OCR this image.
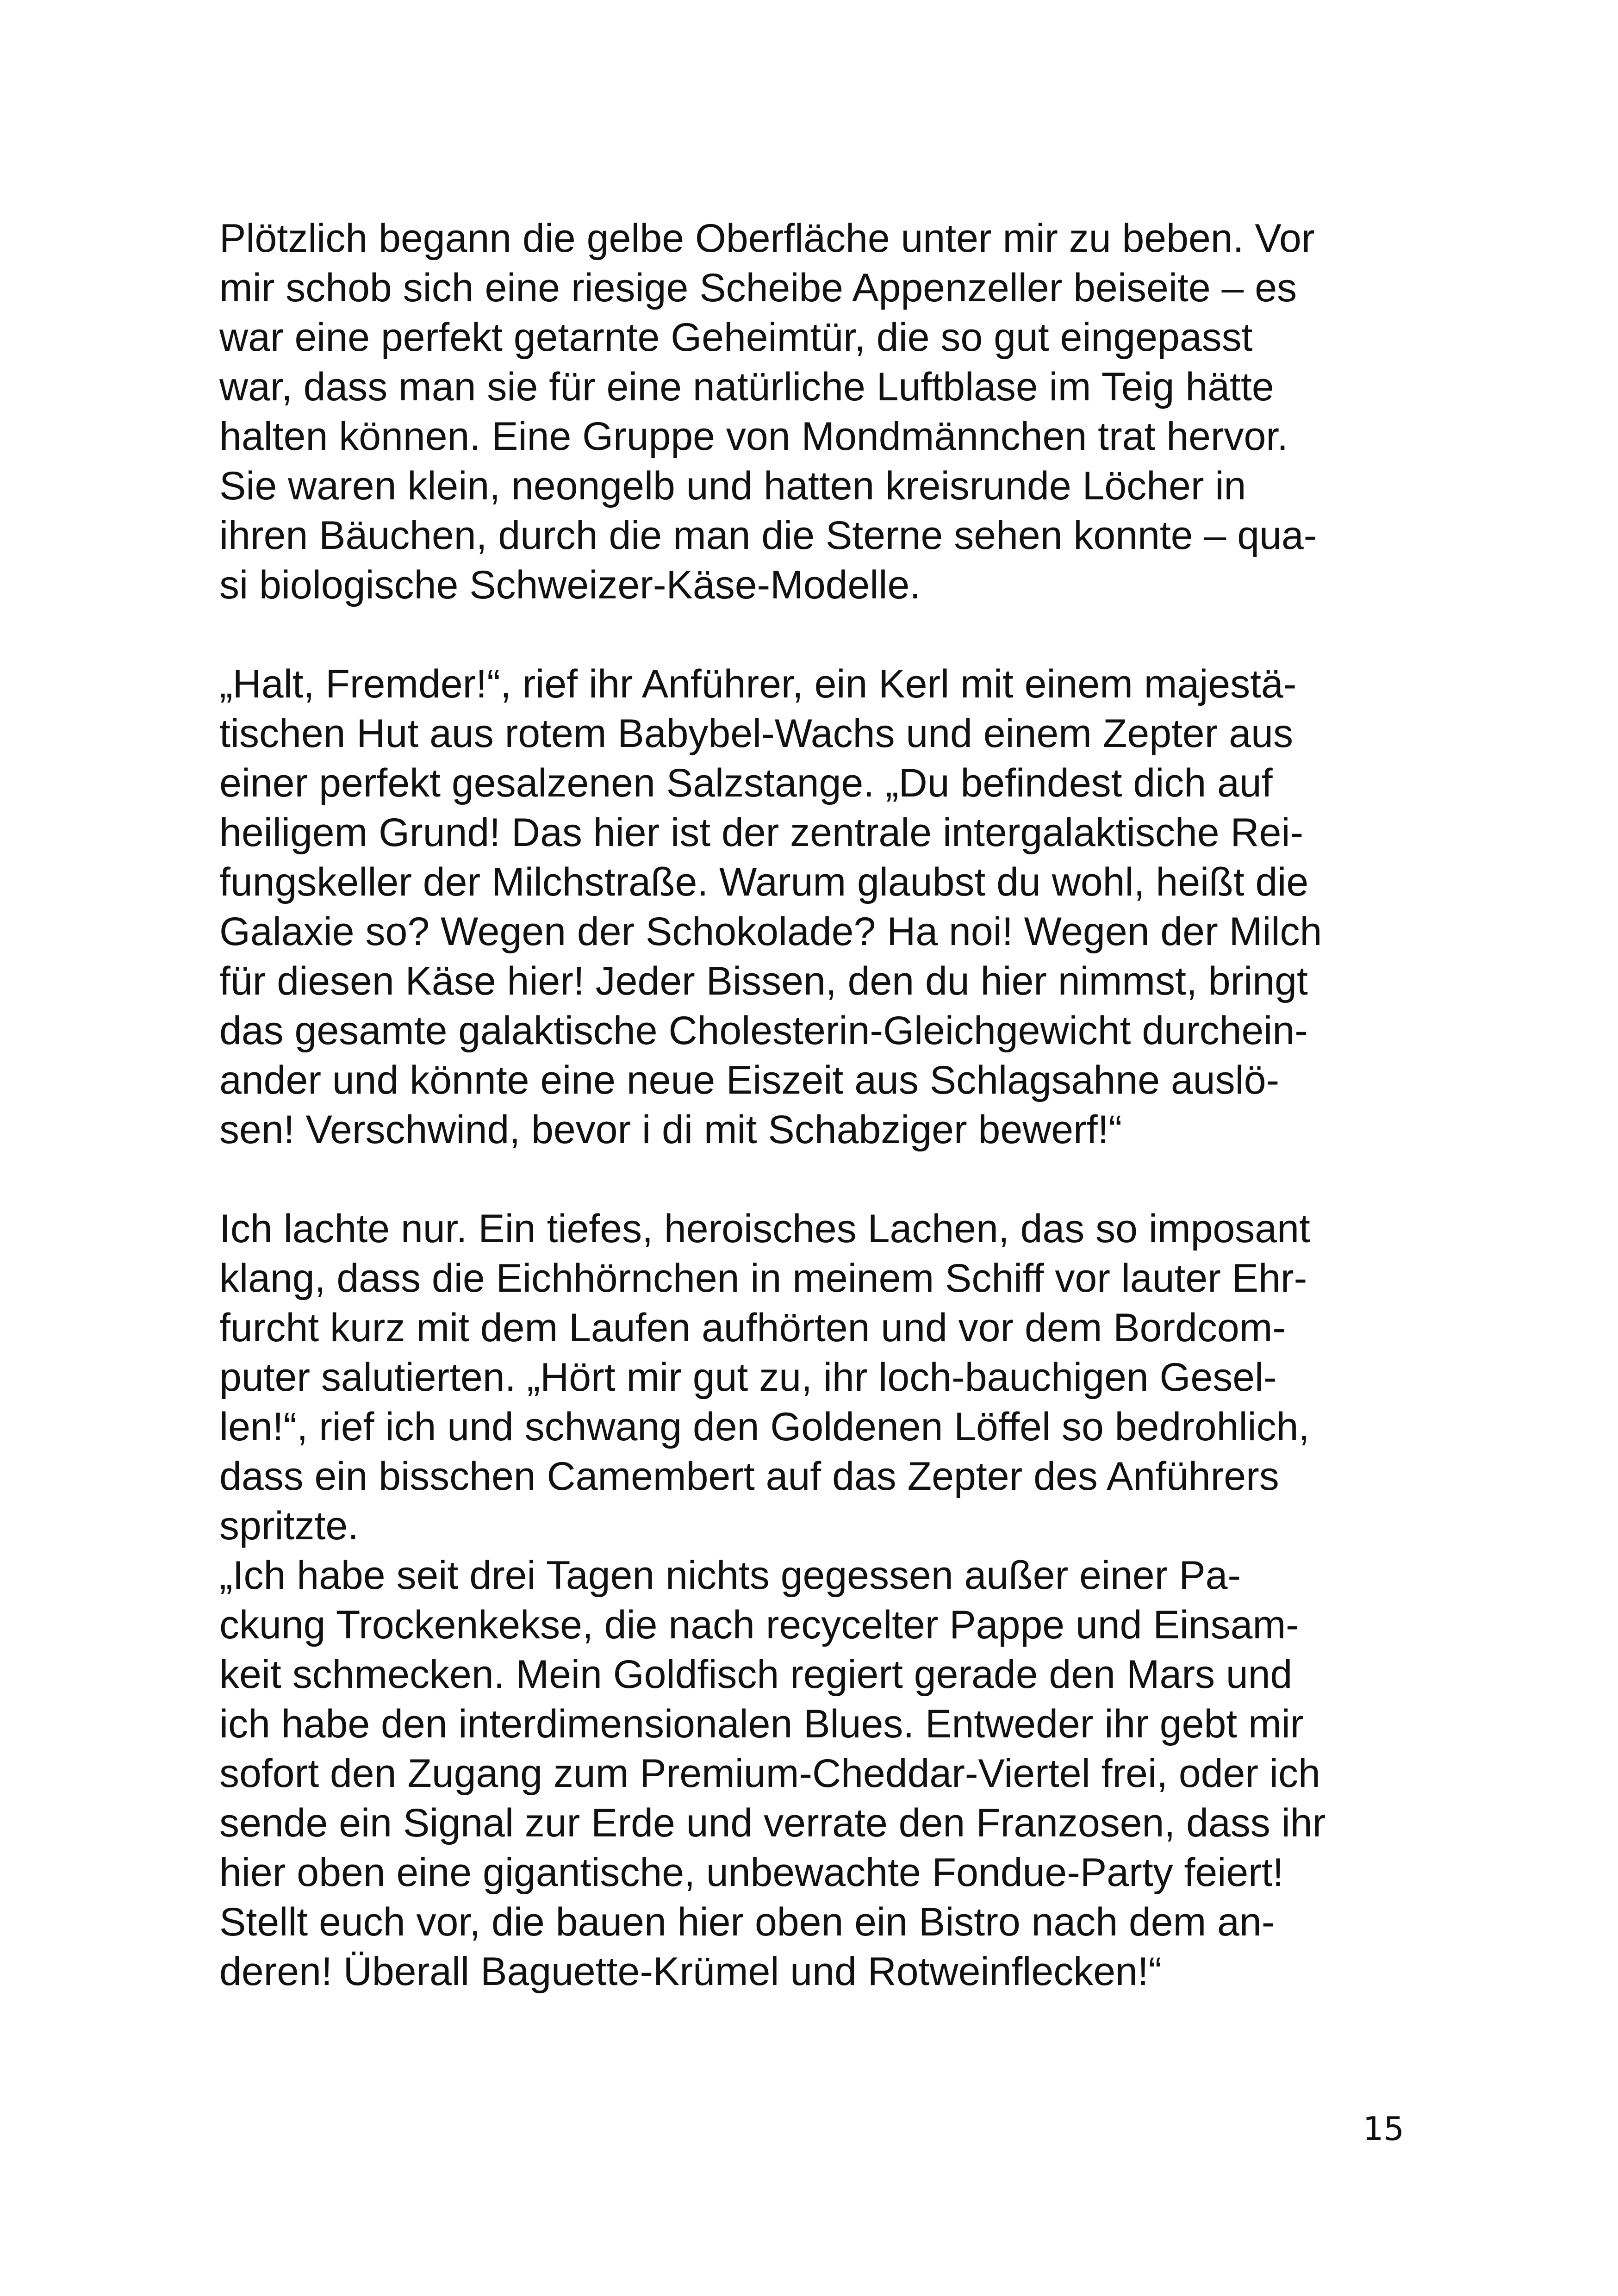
Plötzlich begann die gelbe Oberfläche unter mir zu beben. Vor
mir schob sich eine riesige Scheibe Appenzeller beiseite – es
war eine perfekt getarnte Geheimtür, die so gut eingepasst
war, dass man sie für eine natürliche Luftblase im Teig hätte
halten können. Eine Gruppe von Mondmännchen trat hervor.
Sie waren klein, neongelb und hatten kreisrunde Löcher in
ihren Bäuchen, durch die man die Sterne sehen konnte – qua-
si biologische Schweizer-Käse-Modelle.
„Halt, Fremder!“, rief ihr Anführer, ein Kerl mit einem majestä-
tischen Hut aus rotem Babybel-Wachs und einem Zepter aus
einer perfekt gesalzenen Salzstange. „Du befindest dich auf
heiligem Grund! Das hier ist der zentrale intergalaktische Rei-
fungskeller der Milchstraße. Warum glaubst du wohl, heißt die
Galaxie so? Wegen der Schokolade? Ha noi! Wegen der Milch
für diesen Käse hier! Jeder Bissen, den du hier nimmst, bringt
das gesamte galaktische Cholesterin-Gleichgewicht durchein-
ander und könnte eine neue Eiszeit aus Schlagsahne auslö-
sen! Verschwind, bevor i di mit Schabziger bewerf!“
Ich lachte nur. Ein tiefes, heroisches Lachen, das so imposant
klang, dass die Eichhörnchen in meinem Schiff vor lauter Ehr-
furcht kurz mit dem Laufen aufhörten und vor dem Bordcom-
puter salutierten. „Hört mir gut zu, ihr loch-bauchigen Gesel-
len!“, rief ich und schwang den Goldenen Löffel so bedrohlich,
dass ein bisschen Camembert auf das Zepter des Anführers
spritzte.
„Ich habe seit drei Tagen nichts gegessen außer einer Pa-
ckung Trockenkekse, die nach recycelter Pappe und Einsam-
keit schmecken. Mein Goldfisch regiert gerade den Mars und
ich habe den interdimensionalen Blues. Entweder ihr gebt mir
sofort den Zugang zum Premium-Cheddar-Viertel frei, oder ich
sende ein Signal zur Erde und verrate den Franzosen, dass ihr
hier oben eine gigantische, unbewachte Fondue-Party feiert!
Stellt euch vor, die bauen hier oben ein Bistro nach dem an-
deren! Überall Baguette-Krümel und Rotweinflecken!“
15
